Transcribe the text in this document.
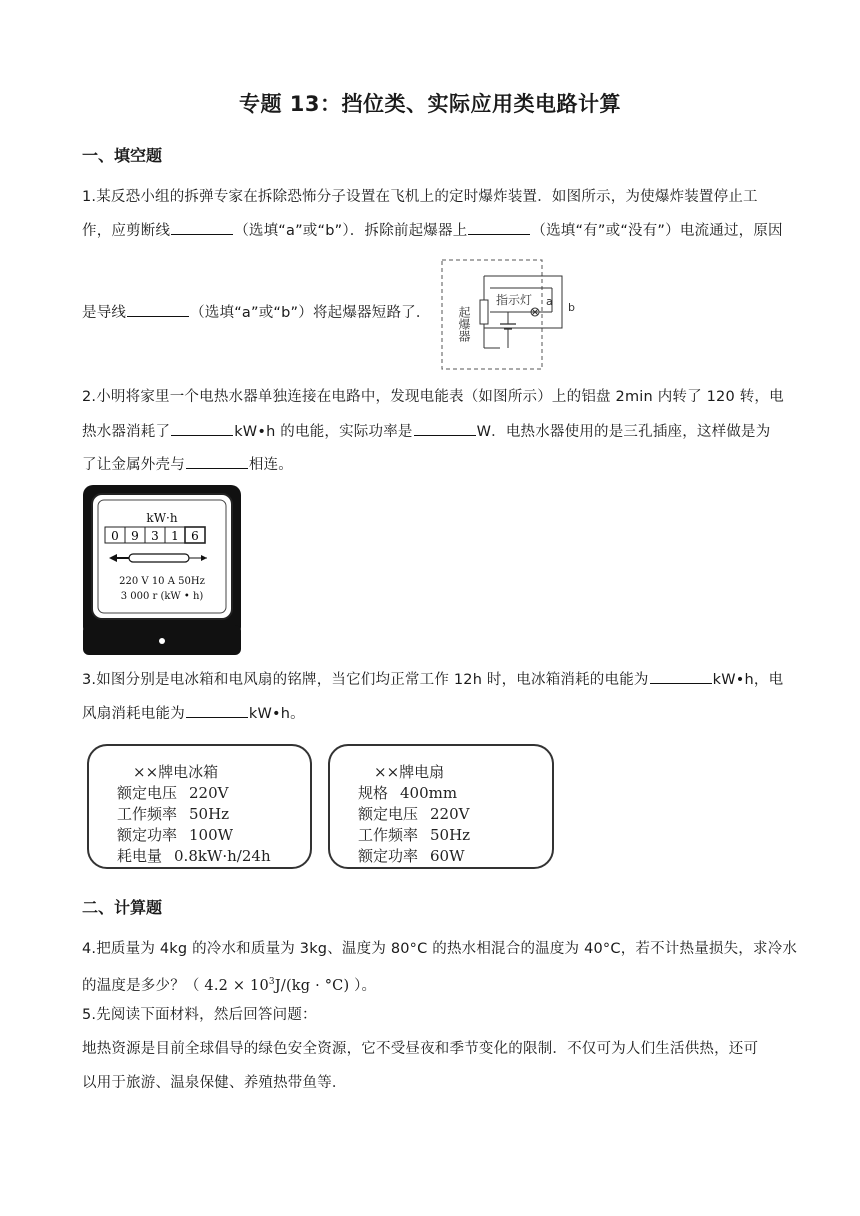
专题 13：挡位类、实际应用类电路计算
一、填空题
1.某反恐小组的拆弹专家在拆除恐怖分子设置在飞机上的定时爆炸装置．如图所示，为使爆炸装置停止工
作，应剪断线	（选填“a”或“b”）．拆除前起爆器上	（选填“有”或“没有”）电流通过，原因
是导线	（选填“a”或“b”）将起爆器短路了．	起爆器
指示灯 a b
2.小明将家里一个电热水器单独连接在电路中，发现电能表（如图所示）上的铝盘 2min 内转了 120 转，电
热水器消耗了	kW•h 的电能，实际功率是	W．电热水器使用的是三孔插座，这样做是为
了让金属外壳与	相连。
kW·h
0 9 3 1 6
220 V 10 A 50Hz
3 000 r (kW • h)
3.如图分别是电冰箱和电风扇的铭牌，当它们均正常工作 12h 时，电冰箱消耗的电能为	kW•h，电
风扇消耗电能为	kW•h。
××牌电冰箱
额定电压 220V
工作频率 50Hz
额定功率 100W
耗电量 0.8kW·h/24h
××牌电扇
规格 400mm
额定电压 220V
工作频率 50Hz
额定功率 60W
二、计算题
4.把质量为 4kg 的冷水和质量为 3kg、温度为 80°C 的热水相混合的温度为 40°C，若不计热量损失，求冷水
的温度是多少？（ $4.2 \times 10^3J/(kg \cdot ^\circ C)$ ）。
5.先阅读下面材料，然后回答问题：
地热资源是目前全球倡导的绿色安全资源，它不受昼夜和季节变化的限制．不仅可为人们生活供热，还可
以用于旅游、温泉保健、养殖热带鱼等．
